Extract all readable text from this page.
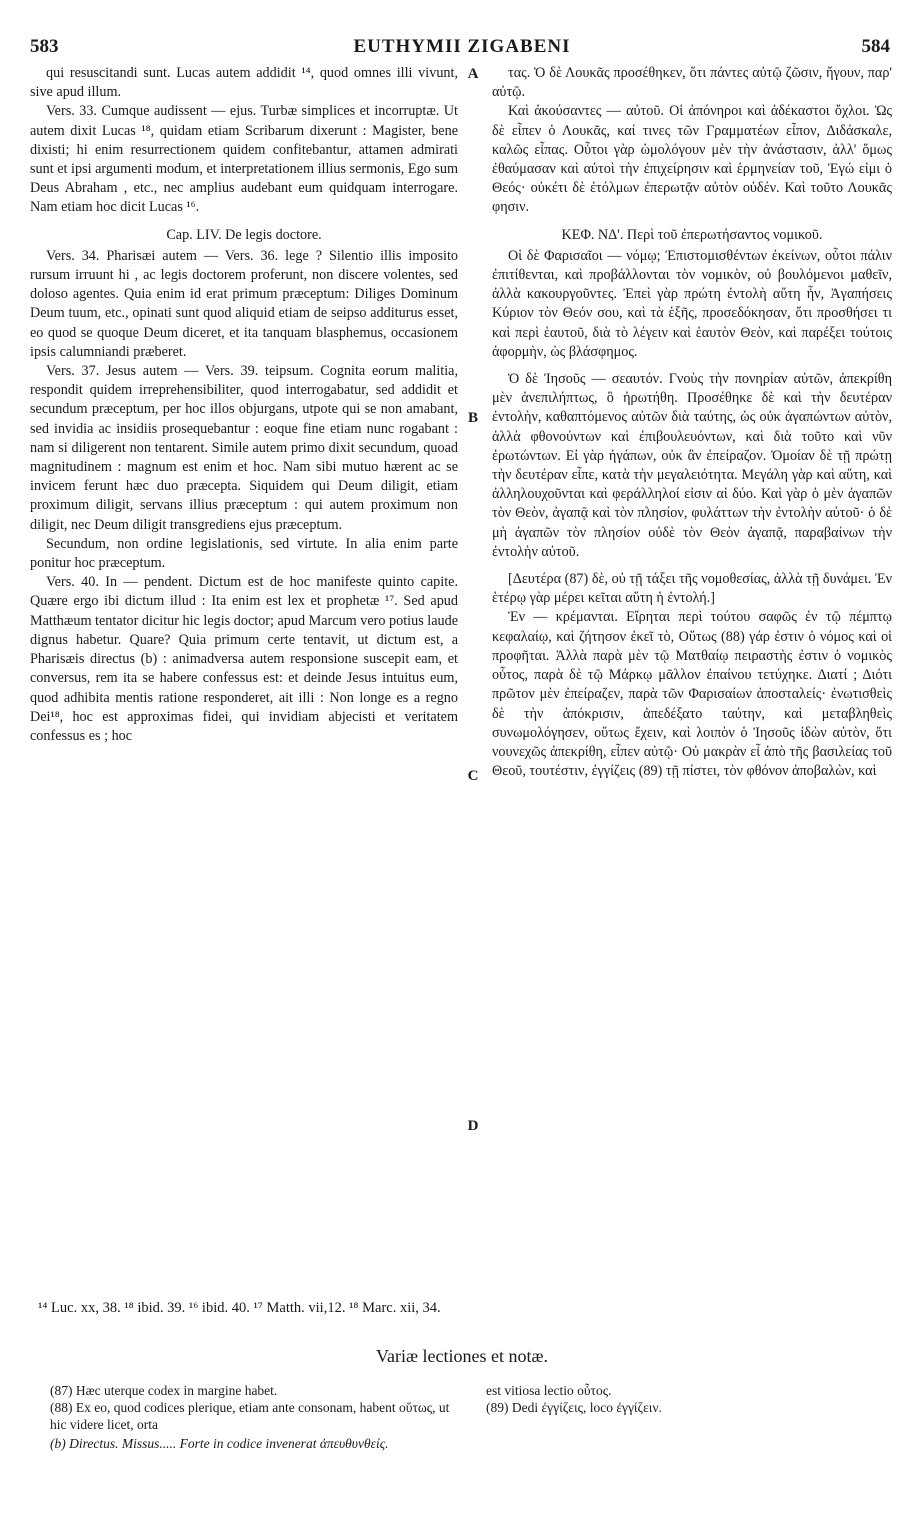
583	EUTHYMII ZIGABENI	584

qui resuscitandi sunt. Lucas autem addidit ¹⁴, quod omnes illi vivunt, sive apud illum.

Vers. 33. Cumque audissent — ejus. Turbæ simplices et incorruptæ. Ut autem dixit Lucas ¹⁸, quidam etiam Scribarum dixerunt : Magister, bene dixisti; hi enim resurrectionem quidem confitebantur, attamen admirati sunt et ipsi argumenti modum, et interpretationem illius sermonis, Ego sum Deus Abraham , etc., nec amplius audebant eum quidquam interrogare. Nam etiam hoc dicit Lucas ¹⁶.

Cap. LIV. De legis doctore.

Vers. 34. Pharisæi autem — Vers. 36. lege ? Silentio illis imposito rursum irruunt hi , ac legis doctorem proferunt, non discere volentes, sed doloso agentes. Quia enim id erat primum præceptum: Diliges Dominum Deum tuum, etc., opinati sunt quod aliquid etiam de seipso additurus esset, eo quod se quoque Deum diceret, et ita tanquam blasphemus, occasionem ipsis calumniandi præberet.

Vers. 37. Jesus autem — Vers. 39. teipsum. Cognita eorum malitia, respondit quidem irreprehensibiliter, quod interrogabatur, sed addidit et secundum præceptum, per hoc illos objurgans, utpote qui se non amabant, sed invidia ac insidiis prosequebantur : eoque fine etiam nunc rogabant : nam si diligerent non tentarent. Simile autem primo dixit secundum, quoad magnitudinem : magnum est enim et hoc. Nam sibi mutuo hærent ac se invicem ferunt hæc duo præcepta. Siquidem qui Deum diligit, etiam proximum diligit, servans illius præceptum : qui autem proximum non diligit, nec Deum diligit transgrediens ejus præceptum.

Secundum, non ordine legislationis, sed virtute. In alia enim parte ponitur hoc præceptum.

Vers. 40. In — pendent. Dictum est de hoc manifeste quinto capite. Quære ergo ibi dictum illud : Ita enim est lex et prophetæ ¹⁷. Sed apud Matthæum tentator dicitur hic legis doctor; apud Marcum vero potius laude dignus habetur. Quare? Quia primum certe tentavit, ut dictum est, a Pharisæis directus (b) : animadversa autem responsione suscepit eam, et conversus, rem ita se habere confessus est: et deinde Jesus intuitus eum, quod adhibita mentis ratione responderet, ait illi : Non longe es a regno Dei¹⁸, hoc est approximas fidei, qui invidiam abjecisti et veritatem confessus es ; hoc

A
B
C
D

τας. Ὁ δὲ Λουκᾶς προσέθηκεν, ὅτι πάντες αὐτῷ ζῶσιν, ἤγουν, παρ' αὐτῷ.

Καὶ ἀκούσαντες — αὐτοῦ. Οἱ ἀπόνηροι καὶ ἀδέκαστοι ὄχλοι. Ὡς δὲ εἶπεν ὁ Λουκᾶς, καί τινες τῶν Γραμματέων εἶπον, Διδάσκαλε, καλῶς εἶπας. Οὗτοι γὰρ ὡμολόγουν μὲν τὴν ἀνάστασιν, ἀλλ' ὅμως ἐθαύμασαν καὶ αὐτοὶ τὴν ἐπιχείρησιν καὶ ἑρμηνείαν τοῦ, Ἐγώ εἰμι ὁ Θεός· οὐκέτι δὲ ἐτόλμων ἐπερωτᾷν αὐτὸν οὐδέν. Καὶ τοῦτο Λουκᾶς φησιν.

ΚΕΦ. ΝΔ'. Περὶ τοῦ ἐπερωτήσαντος νομικοῦ.

Οἱ δὲ Φαρισαῖοι — νόμῳ; Ἐπιστομισθέντων ἐκείνων, οὗτοι πάλιν ἐπιτίθενται, καὶ προβάλλονται τὸν νομικὸν, οὐ βουλόμενοι μαθεῖν, ἀλλὰ κακουργοῦντες. Ἐπεὶ γὰρ πρώτη ἐντολὴ αὕτη ἦν, Ἀγαπήσεις Κύριον τὸν Θεόν σου, καὶ τὰ ἑξῆς, προσεδόκησαν, ὅτι προσθήσει τι καὶ περὶ ἑαυτοῦ, διὰ τὸ λέγειν καὶ ἑαυτὸν Θεὸν, καὶ παρέξει τούτοις ἀφορμὴν, ὡς βλάσφημος.

Ὁ δὲ Ἰησοῦς — σεαυτόν. Γνοὺς τὴν πονηρίαν αὐτῶν, ἀπεκρίθη μὲν ἀνεπιλήπτως, ὃ ἠρωτήθη. Προσέθηκε δὲ καὶ τὴν δευτέραν ἐντολὴν, καθαπτόμενος αὐτῶν διὰ ταύτης, ὡς οὐκ ἀγαπώντων αὐτὸν, ἀλλὰ φθονούντων καὶ ἐπιβουλευόντων, καὶ διὰ τοῦτο καὶ νῦν ἐρωτώντων. Εἰ γὰρ ἠγάπων, οὐκ ἂν ἐπείραζον. Ὁμοίαν δὲ τῇ πρώτῃ τὴν δευτέραν εἶπε, κατὰ τὴν μεγαλειότητα. Μεγάλη γὰρ καὶ αὕτη, καὶ ἀλληλουχοῦνται καὶ φεράλληλοί εἰσιν αἱ δύο. Καὶ γὰρ ὁ μὲν ἀγαπῶν τὸν Θεὸν, ἀγαπᾷ καὶ τὸν πλησίον, φυλάττων τὴν ἐντολὴν αὐτοῦ· ὁ δὲ μὴ ἀγαπῶν τὸν πλησίον οὐδὲ τὸν Θεὸν ἀγαπᾷ, παραβαίνων τὴν ἐντολὴν αὐτοῦ.

[Δευτέρα (87) δὲ, οὐ τῇ τάξει τῆς νομοθεσίας, ἀλλὰ τῇ δυνάμει. Ἐν ἑτέρῳ γὰρ μέρει κεῖται αὕτη ἡ ἐντολή.]

Ἐν — κρέμανται. Εἴρηται περὶ τούτου σαφῶς ἐν τῷ πέμπτῳ κεφαλαίῳ, καὶ ζήτησον ἐκεῖ τὸ, Οὕτως (88) γάρ ἐστιν ὁ νόμος καὶ οἱ προφῆται. Ἀλλὰ παρὰ μὲν τῷ Ματθαίῳ πειραστὴς ἐστιν ὁ νομικὸς οὗτος, παρὰ δὲ τῷ Μάρκῳ μᾶλλον ἐπαίνου τετύχηκε. Διατί ; Διότι πρῶτον μὲν ἐπείραζεν, παρὰ τῶν Φαρισαίων ἀποσταλείς· ἐνωτισθεὶς δὲ τὴν ἀπόκρισιν, ἀπεδέξατο ταύτην, καὶ μεταβληθεὶς συνωμολόγησεν, οὕτως ἔχειν, καὶ λοιπὸν ὁ Ἰησοῦς ἰδὼν αὐτὸν, ὅτι νουνεχῶς ἀπεκρίθη, εἶπεν αὐτῷ· Οὐ μακρὰν εἶ ἀπὸ τῆς βασιλείας τοῦ Θεοῦ, τουτέστιν, ἐγγίζεις (89) τῇ πίστει, τὸν φθόνον ἀποβαλὼν, καὶ

¹⁴ Luc. xx, 38. ¹⁸ ibid. 39. ¹⁶ ibid. 40. ¹⁷ Matth. vii,12. ¹⁸ Marc. xii, 34.
Variæ lectiones et notæ.

(87) Hæc uterque codex in margine habet.

(88) Ex eo, quod codices plerique, etiam ante consonam, habent οὕτως, ut hic videre licet, orta

est vitiosa lectio οὗτος.

(89) Dedi ἐγγίζεις, loco ἐγγίζειν.

(b) Directus. Missus..... Forte in codice invenerat ἀπευθυνθείς.
